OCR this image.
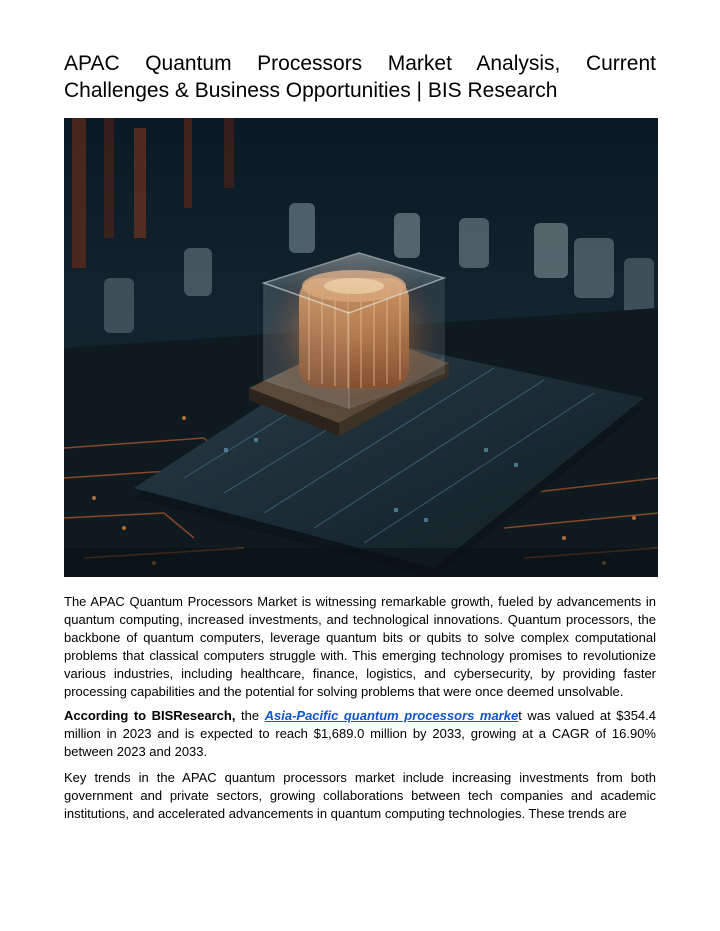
APAC Quantum Processors Market Analysis, Current Challenges & Business Opportunities | BIS Research

The APAC Quantum Processors Market is witnessing remarkable growth, fueled by advancements in quantum computing, increased investments, and technological innovations. Quantum processors, the backbone of quantum computers, leverage quantum bits or qubits to solve complex computational problems that classical computers struggle with. This emerging technology promises to revolutionize various industries, including healthcare, finance, logistics, and cybersecurity, by providing faster processing capabilities and the potential for solving problems that were once deemed unsolvable.

According to BISResearch, the Asia-Pacific quantum processors market was valued at $354.4 million in 2023 and is expected to reach $1,689.0 million by 2033, growing at a CAGR of 16.90% between 2023 and 2033.

Key trends in the APAC quantum processors market include increasing investments from both government and private sectors, growing collaborations between tech companies and academic institutions, and accelerated advancements in quantum computing technologies. These trends are
